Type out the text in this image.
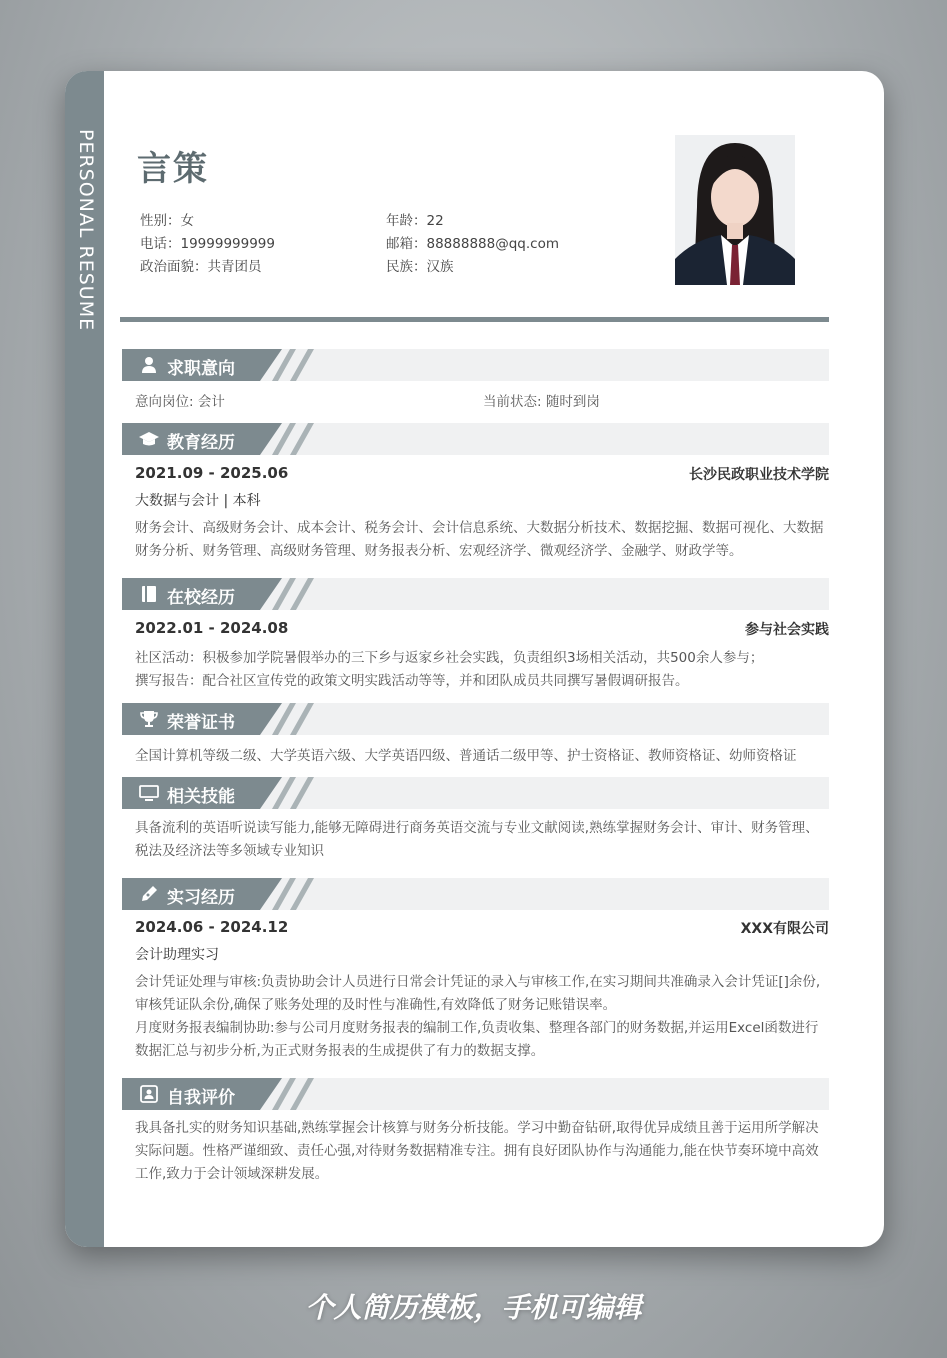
PERSONAL RESUME 言策
性别：女	年龄：22
电话：19999999999	邮箱：88888888@qq.com
政治面貌：共青团员	民族：汉族
求职意向
意向岗位: 会计	当前状态: 随时到岗
教育经历
2021.09 - 2025.06	长沙民政职业技术学院
大数据与会计 | 本科
财务会计、高级财务会计、成本会计、税务会计、会计信息系统、大数据分析技术、数据挖掘、数据可视化、大数据财务分析、财务管理、高级财务管理、财务报表分析、宏观经济学、微观经济学、金融学、财政学等。
在校经历
2022.01 - 2024.08	参与社会实践
社区活动：积极参加学院暑假举办的三下乡与返家乡社会实践，负责组织3场相关活动，共500余人参与；
撰写报告：配合社区宣传党的政策文明实践活动等等，并和团队成员共同撰写暑假调研报告。
荣誉证书
全国计算机等级二级、大学英语六级、大学英语四级、普通话二级甲等、护士资格证、教师资格证、幼师资格证
相关技能
具备流利的英语听说读写能力,能够无障碍进行商务英语交流与专业文献阅读,熟练掌握财务会计、审计、财务管理、税法及经济法等多领域专业知识
实习经历
2024.06 - 2024.12	XXX有限公司
会计助理实习
会计凭证处理与审核:负责协助会计人员进行日常会计凭证的录入与审核工作,在实习期间共准确录入会计凭证[]余份,审核凭证队余份,确保了账务处理的及时性与准确性,有效降低了财务记账错误率。
月度财务报表编制协助:参与公司月度财务报表的编制工作,负责收集、整理各部门的财务数据,并运用Excel函数进行数据汇总与初步分析,为正式财务报表的生成提供了有力的数据支撑。
自我评价
我具备扎实的财务知识基础,熟练掌握会计核算与财务分析技能。学习中勤奋钻研,取得优异成绩且善于运用所学解决实际问题。性格严谨细致、责任心强,对待财务数据精准专注。拥有良好团队协作与沟通能力,能在快节奏环境中高效工作,致力于会计领域深耕发展。
个人简历模板，手机可编辑
